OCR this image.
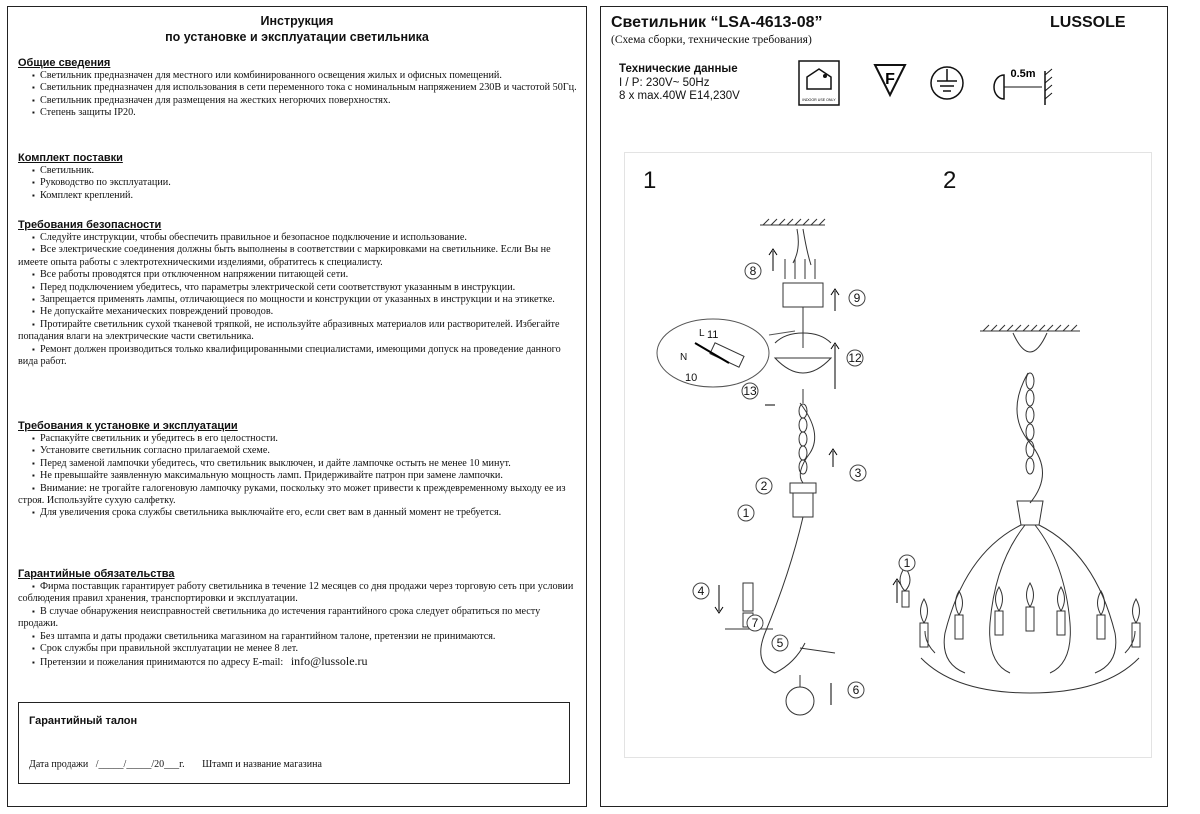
Инструкция
по установке и эксплуатации светильника
Общие сведения
▪ Светильник предназначен для местного или комбинированного освещения жилых и офисных помещений.
▪ Светильник предназначен для использования в сети переменного тока с номинальным напряжением 230В и частотой 50Гц.
▪ Светильник предназначен для размещения на жестких негорючих поверхностях.
▪ Степень защиты IP20.
Комплект поставки
▪ Светильник.
▪ Руководство по эксплуатации.
▪ Комплект креплений.
Требования безопасности
▪ Следуйте инструкции, чтобы обеспечить правильное и безопасное подключение и использование.
▪ Все электрические соединения должны быть выполнены в соответствии с маркировками на светильнике. Если Вы не имеете опыта работы с электротехническими изделиями, обратитесь к специалисту.
▪ Все работы проводятся при отключенном напряжении питающей сети.
▪ Перед подключением убедитесь, что параметры электрической сети соответствуют указанным в инструкции.
▪ Запрещается применять лампы, отличающиеся по мощности и конструкции от указанных в инструкции и на этикетке.
▪ Не допускайте механических повреждений проводов.
▪ Протирайте светильник сухой тканевой тряпкой, не используйте абразивных материалов или растворителей. Избегайте попадания влаги на электрические части светильника.
▪ Ремонт должен производиться только квалифицированными специалистами, имеющими допуск на проведение данного вида работ.
Требования к установке и эксплуатации
▪ Распакуйте светильник и убедитесь в его целостности.
▪ Установите светильник согласно прилагаемой схеме.
▪ Перед заменой лампочки убедитесь, что светильник выключен, и дайте лампочке остыть не менее 10 минут.
▪ Не превышайте заявленную максимальную мощность ламп. Придерживайте патрон при замене лампочки.
▪ Внимание: не трогайте галогеновую лампочку руками, поскольку это может привести к преждевременному выходу ее из строя. Используйте сухую салфетку.
▪ Для увеличения срока службы светильника выключайте его, если свет вам в данный момент не требуется.
Гарантийные обязательства
▪ Фирма поставщик гарантирует работу светильника в течение 12 месяцев со дня продажи через торговую сеть при условии соблюдения правил хранения, транспортировки и эксплуатации.
▪ В случае обнаружения неисправностей светильника до истечения гарантийного срока следует обратиться по месту продажи.
▪ Без штампа и даты продажи светильника магазином на гарантийном талоне, претензии не принимаются.
▪ Срок службы при правильной эксплуатации не менее 8 лет.
▪ Претензии и пожелания принимаются по адресу E-mail: info@lussole.ru
Гарантийный талон
Дата продажи   /_____/_____/20___г.       Штамп и название магазина
Светильник “LSA-4613-08”
(Схема сборки, технические требования)
LUSSOLE
Технические данные
I / P: 230V~ 50Hz
8 x max.40W E14,230V	INDOOR USE ONLY
F	0.5m
1	2
8
9
L 11
N
10
12
13
3
2
1
4
7
5
6
1
